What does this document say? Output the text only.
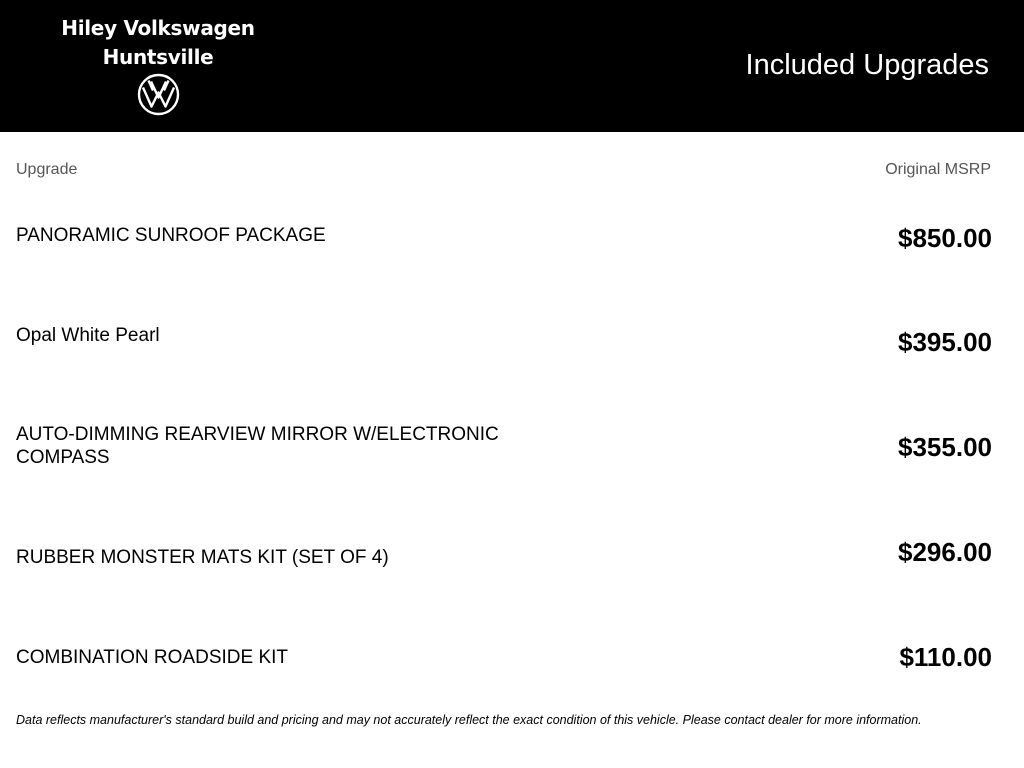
Hiley Volkswagen
Huntsville	Included Upgrades
Upgrade	Original MSRP
PANORAMIC SUNROOF PACKAGE	$850.00
Opal White Pearl	$395.00
AUTO-DIMMING REARVIEW MIRROR W/ELECTRONIC COMPASS	$355.00
RUBBER MONSTER MATS KIT (SET OF 4)	$296.00
COMBINATION ROADSIDE KIT	$110.00
Data reflects manufacturer's standard build and pricing and may not accurately reflect the exact condition of this vehicle. Please contact dealer for more information.
